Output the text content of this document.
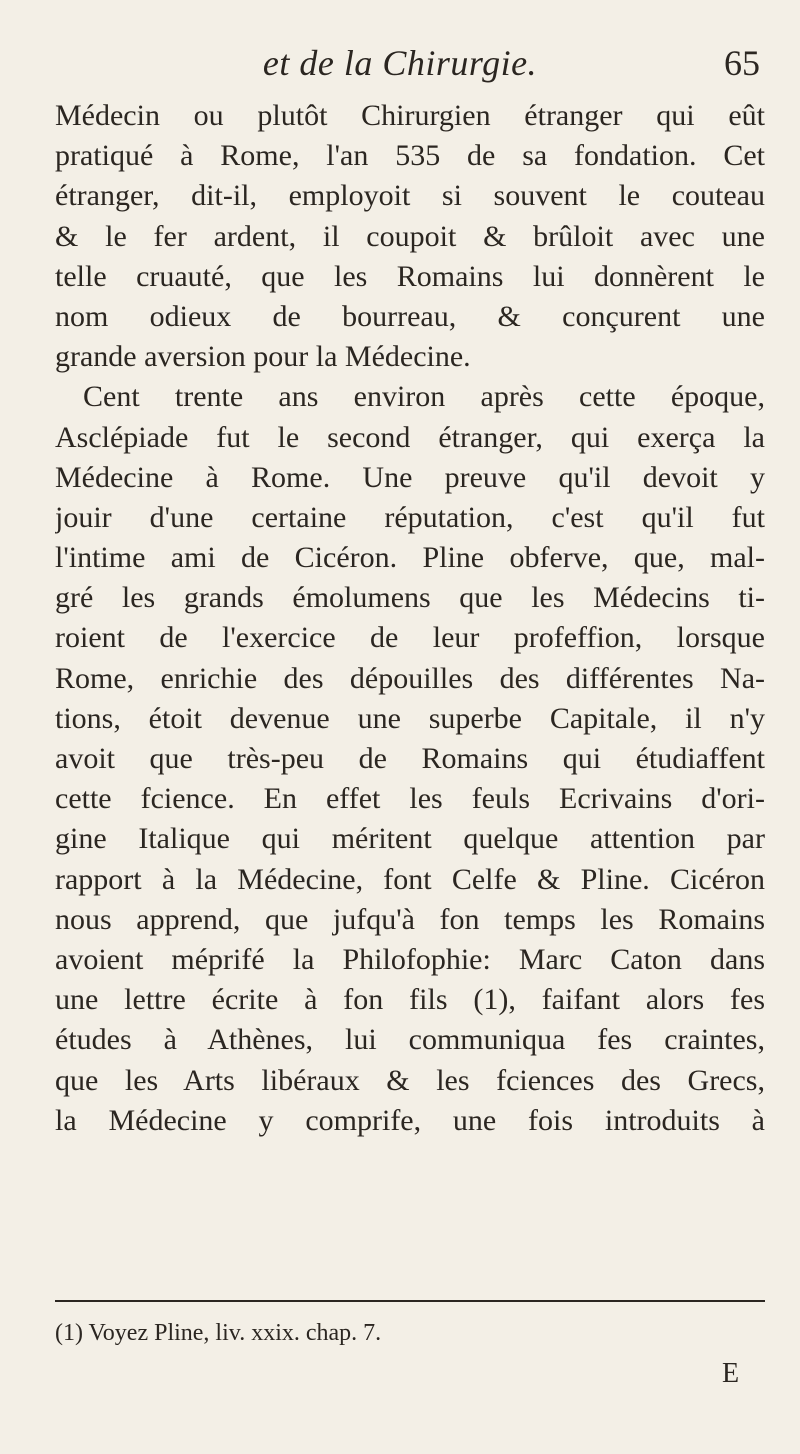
et de la Chirurgie.	65
Médecin ou plutôt Chirurgien étranger qui eût
pratiqué à Rome, l'an 535 de sa fondation. Cet
étranger, dit-il, employoit si souvent le couteau
& le fer ardent, il coupoit & brûloit avec une
telle cruauté, que les Romains lui donnèrent le
nom odieux de bourreau, & conçurent une
grande aversion pour la Médecine.
Cent trente ans environ après cette époque,
Asclépiade fut le second étranger, qui exerça la
Médecine à Rome. Une preuve qu'il devoit y
jouir d'une certaine réputation, c'est qu'il fut
l'intime ami de Cicéron. Pline obferve, que, mal-
gré les grands émolumens que les Médecins ti-
roient de l'exercice de leur profeffion, lorsque
Rome, enrichie des dépouilles des différentes Na-
tions, étoit devenue une superbe Capitale, il n'y
avoit que très-peu de Romains qui étudiaffent
cette fcience. En effet les feuls Ecrivains d'ori-
gine Italique qui méritent quelque attention par
rapport à la Médecine, font Celfe & Pline. Cicéron
nous apprend, que jufqu'à fon temps les Romains
avoient méprifé la Philofophie: Marc Caton dans
une lettre écrite à fon fils (1), faifant alors fes
études à Athènes, lui communiqua fes craintes,
que les Arts libéraux & les fciences des Grecs,
la Médecine y comprife, une fois introduits à
(1) Voyez Pline, liv. xxix. chap. 7.
E
